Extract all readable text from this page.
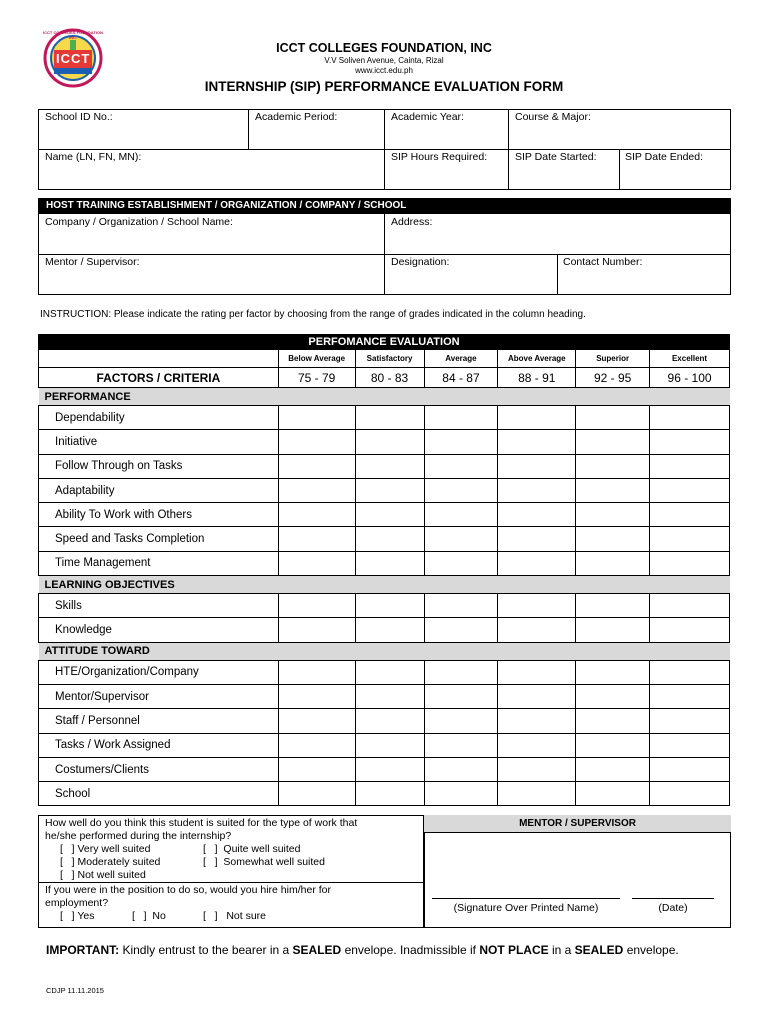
ICCT
ICCT COLLEGES FOUNDATION INC.
ICCT COLLEGES FOUNDATION, INC
V.V Soliven Avenue, Cainta, Rizal
www.icct.edu.ph
INTERNSHIP (SIP) PERFORMANCE EVALUATION FORM
School ID No.:	Academic Period:	Academic Year:	Course & Major:
Name (LN, FN, MN):	SIP Hours Required:	SIP Date Started:	SIP Date Ended:
HOST TRAINING ESTABLISHMENT / ORGANIZATION / COMPANY / SCHOOL
Company / Organization / School Name:	Address:
Mentor / Supervisor:	Designation:	Contact Number:
INSTRUCTION: Please indicate the rating per factor by choosing from the range of grades indicated in the column heading.
PERFOMANCE EVALUATION						
	Below Average	Satisfactory	Average	Above Average	Superior	Excellent
FACTORS / CRITERIA	75 - 79	80 - 83	84 - 87	88 - 91	92 - 95	96 - 100
PERFORMANCE						
Dependability						
Initiative						
Follow Through on Tasks						
Adaptability						
Ability To Work with Others						
Speed and Tasks Completion						
Time Management						
LEARNING OBJECTIVES						
Skills						
Knowledge						
ATTITUDE TOWARD						
HTE/Organization/Company						
Mentor/Supervisor						
Staff / Personnel						
Tasks / Work Assigned						
Costumers/Clients						
School						
How well do you think this student is suited for the type of work that
he/she performed during the internship?
[   ] Very well suited	[   ]  Quite well suited
[   ] Moderately suited	[   ]  Somewhat well suited
[   ] Not well suited
If you were in the position to do so, would you hire him/her for
employment?
[   ] Yes	[   ]  No	[   ]   Not sure
MENTOR / SUPERVISOR
(Signature Over Printed Name)	(Date)
IMPORTANT: Kindly entrust to the bearer in a SEALED envelope. Inadmissible if NOT PLACE in a SEALED envelope.
CDJP 11.11.2015
